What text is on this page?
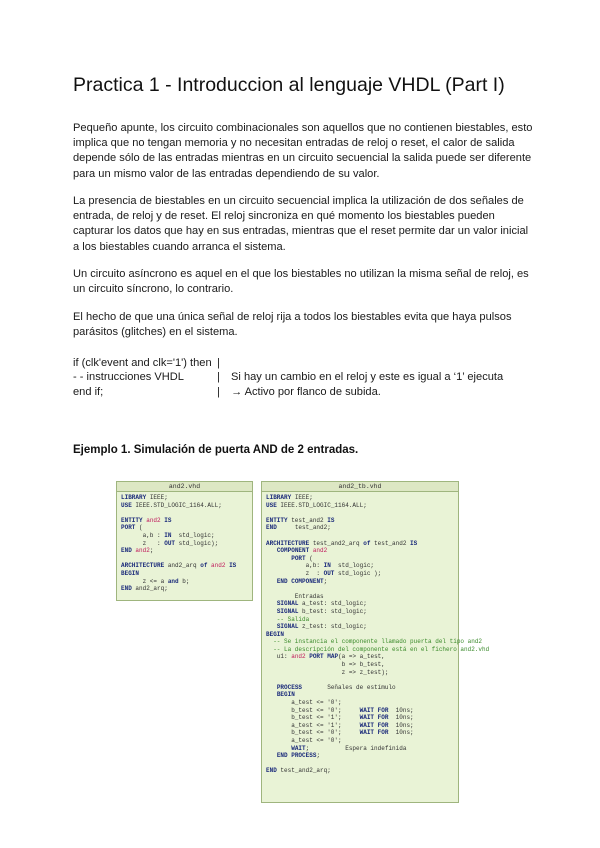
Practica 1 - Introduccion al lenguaje VHDL (Part I)

Pequeño apunte, los circuito combinacionales son aquellos que no contienen biestables, esto implica que no tengan memoria y no necesitan entradas de reloj o reset, el calor de salida depende sólo de las entradas mientras en un circuito secuencial la salida puede ser diferente para un mismo valor de las entradas dependiendo de su valor.

La presencia de biestables en un circuito secuencial implica la utilización de dos señales de entrada, de reloj y de reset. El reloj sincroniza en qué momento los biestables pueden capturar los datos que hay en sus entradas, mientras que el reset permite dar un valor inicial a los biestables cuando arranca el sistema.

Un circuito asíncrono es aquel en el que los biestables no utilizan la misma señal de reloj, es un circuito síncrono, lo contrario.

El hecho de que una única señal de reloj rija a todos los biestables evita que haya pulsos parásitos (glitches) en el sistema.

if (clk'event and clk='1') then |
- - instrucciones VHDL	| Si hay un cambio en el reloj y este es igual a ‘1’ ejecuta
end if;	| → Activo por flanco de subida.
Ejemplo 1. Simulación de puerta AND de 2 entradas.
and2.vhd
LIBRARY IEEE;
USE IEEE.STD_LOGIC_1164.ALL;

ENTITY and2 IS
PORT (
a,b : IN  std_logic;
z   : OUT std_logic);
END and2;

ARCHITECTURE and2_arq of and2 IS
BEGIN
z <= a and b;
END and2_arq;
and2_tb.vhd
LIBRARY IEEE;
USE IEEE.STD_LOGIC_1164.ALL;

ENTITY test_and2 IS
END     test_and2;

ARCHITECTURE test_and2_arq of test_and2 IS
COMPONENT and2
PORT (
a,b: IN  std_logic;
z  : OUT std_logic );
END COMPONENT;

Entradas
SIGNAL a_test: std_logic;
SIGNAL b_test: std_logic;
-- Salida
SIGNAL z_test: std_logic;
BEGIN
-- Se instancia el componente llamado puerta del tipo and2
-- La descripción del componente está en el fichero and2.vhd
u1: and2 PORT MAP(a => a_test,
b => b_test,
z => z_test);

PROCESS       Señales de estímulo
BEGIN
a_test <= '0';
b_test <= '0';     WAIT FOR  10ns;
b_test <= '1';     WAIT FOR  10ns;
a_test <= '1';     WAIT FOR  10ns;
b_test <= '0';     WAIT FOR  10ns;
a_test <= '0';
WAIT;          Espera indefinida
END PROCESS;

END test_and2_arq;
